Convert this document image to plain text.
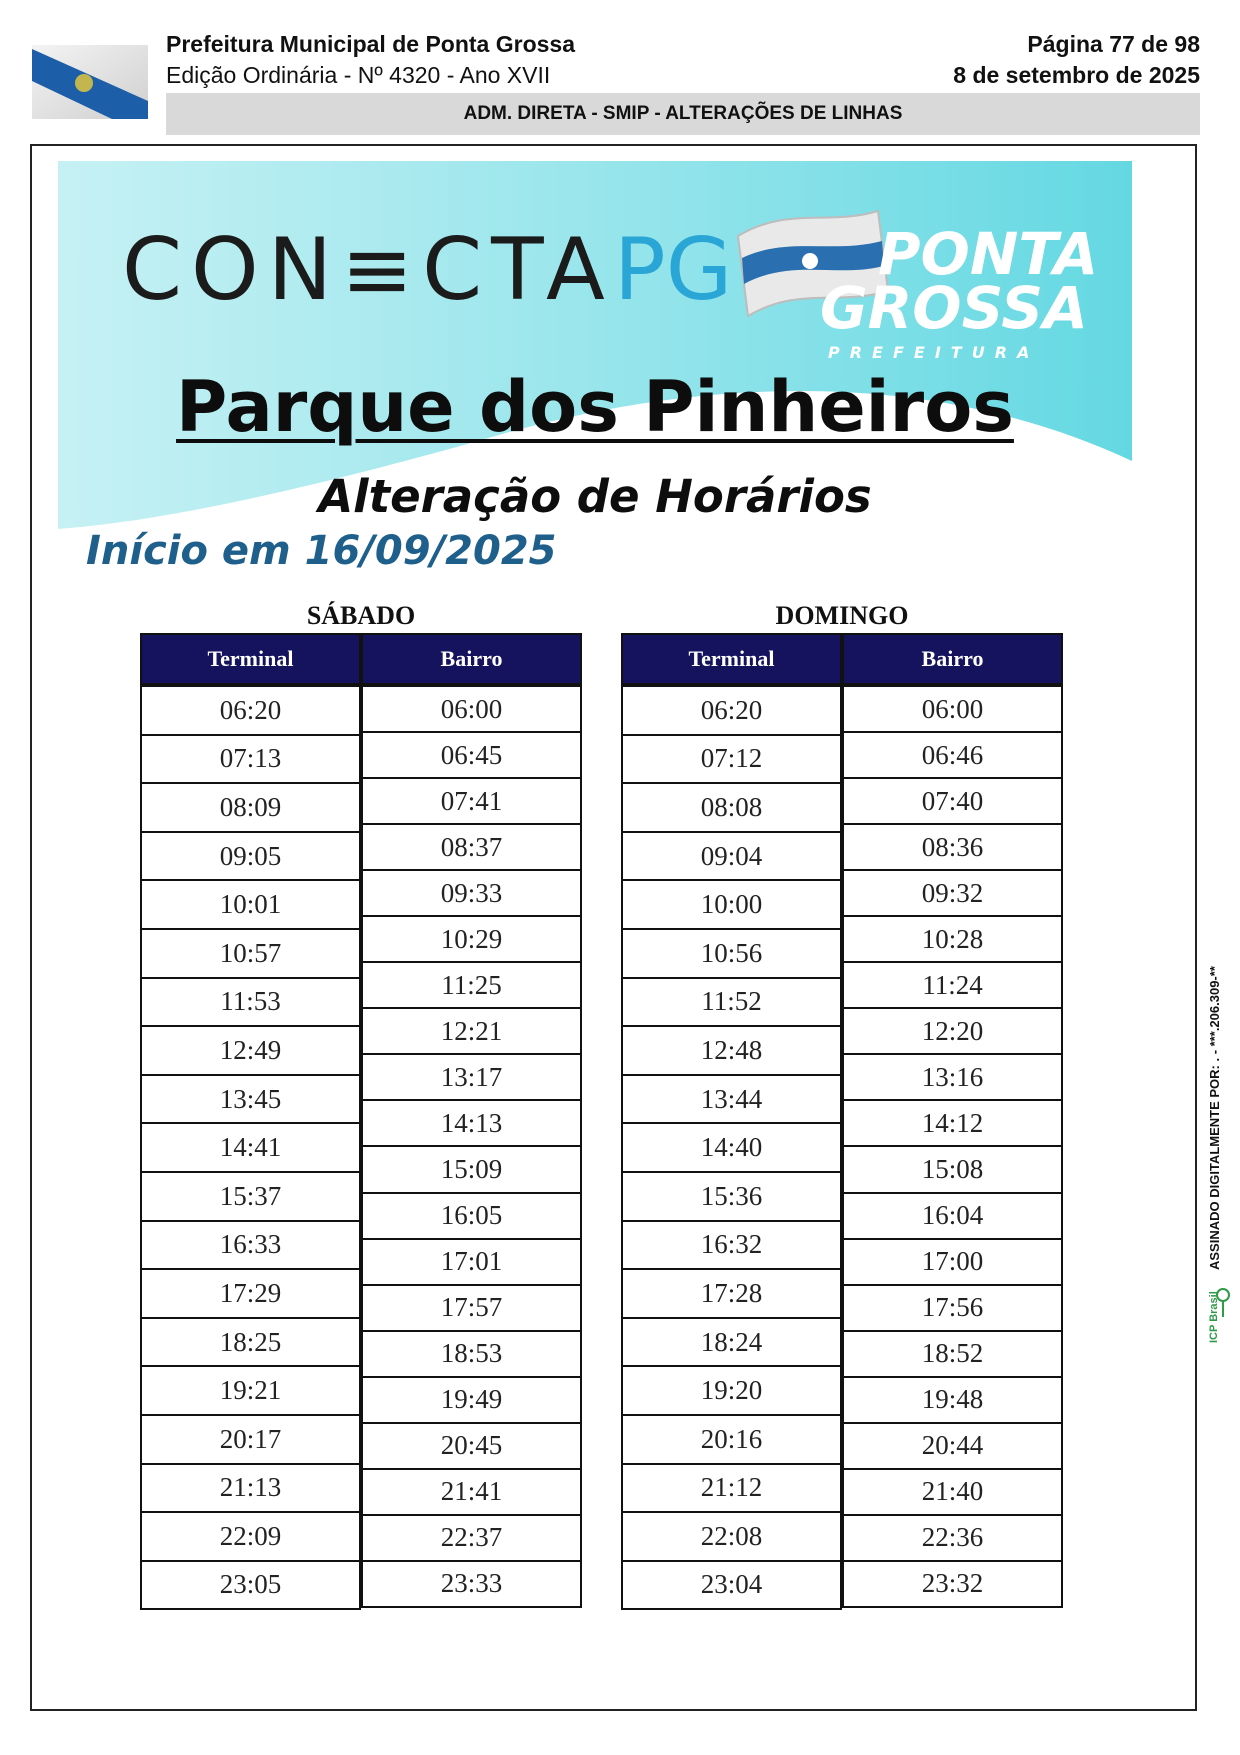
Prefeitura Municipal de Ponta Grossa
Edição Ordinária - Nº 4320 - Ano XVII
Página 77 de 98
8 de setembro de 2025
ADM. DIRETA - SMIP - ALTERAÇÕES DE LINHAS
CON≡CTAPG	PONTA
GROSSA
PREFEITURA
Parque dos Pinheiros
Alteração de Horários
Início em 16/09/2025
SÁBADO
Terminal
06:20
07:13
08:09
09:05
10:01
10:57
11:53
12:49
13:45
14:41
15:37
16:33
17:29
18:25
19:21
20:17
21:13
22:09
23:05
Bairro
06:00
06:45
07:41
08:37
09:33
10:29
11:25
12:21
13:17
14:13
15:09
16:05
17:01
17:57
18:53
19:49
20:45
21:41
22:37
23:33
DOMINGO
Terminal
06:20
07:12
08:08
09:04
10:00
10:56
11:52
12:48
13:44
14:40
15:36
16:32
17:28
18:24
19:20
20:16
21:12
22:08
23:04
Bairro
06:00
06:46
07:40
08:36
09:32
10:28
11:24
12:20
13:16
14:12
15:08
16:04
17:00
17:56
18:52
19:48
20:44
21:40
22:36
23:32
ASSINADO DIGITALMENTE POR: . - ***.206.309-**
ICP Brasil
